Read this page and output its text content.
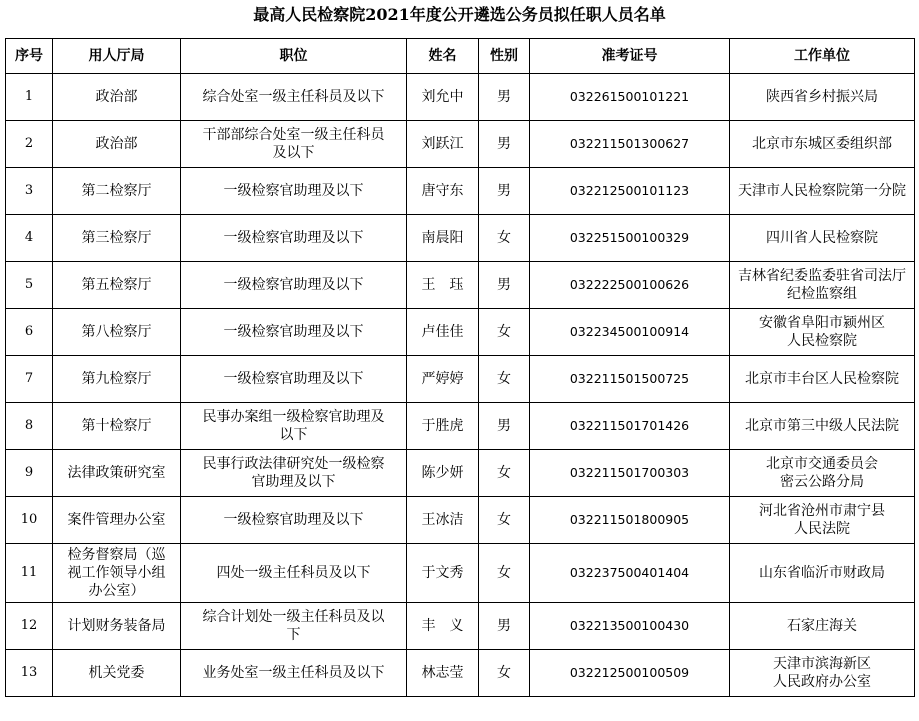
最高人民检察院2021年度公开遴选公务员拟任职人员名单
序号	用人厅局	职位	姓名	性别	准考证号	工作单位
1	政治部	综合处室一级主任科员及以下	刘允中	男	032261500101221	陕西省乡村振兴局
2	政治部	干部部综合处室一级主任科员
及以下	刘跃江	男	032211501300627	北京市东城区委组织部
3	第二检察厅	一级检察官助理及以下	唐守东	男	032212500101123	天津市人民检察院第一分院
4	第三检察厅	一级检察官助理及以下	南晨阳	女	032251500100329	四川省人民检察院
5	第五检察厅	一级检察官助理及以下	王　珏	男	032222500100626	吉林省纪委监委驻省司法厅
纪检监察组
6	第八检察厅	一级检察官助理及以下	卢佳佳	女	032234500100914	安徽省阜阳市颍州区
人民检察院
7	第九检察厅	一级检察官助理及以下	严婷婷	女	032211501500725	北京市丰台区人民检察院
8	第十检察厅	民事办案组一级检察官助理及
以下	于胜虎	男	032211501701426	北京市第三中级人民法院
9	法律政策研究室	民事行政法律研究处一级检察
官助理及以下	陈少妍	女	032211501700303	北京市交通委员会
密云公路分局
10	案件管理办公室	一级检察官助理及以下	王冰洁	女	032211501800905	河北省沧州市肃宁县
人民法院
11	检务督察局（巡
视工作领导小组
办公室）	四处一级主任科员及以下	于文秀	女	032237500401404	山东省临沂市财政局
12	计划财务装备局	综合计划处一级主任科员及以
下	丰　义	男	032213500100430	石家庄海关
13	机关党委	业务处室一级主任科员及以下	林志莹	女	032212500100509	天津市滨海新区
人民政府办公室
